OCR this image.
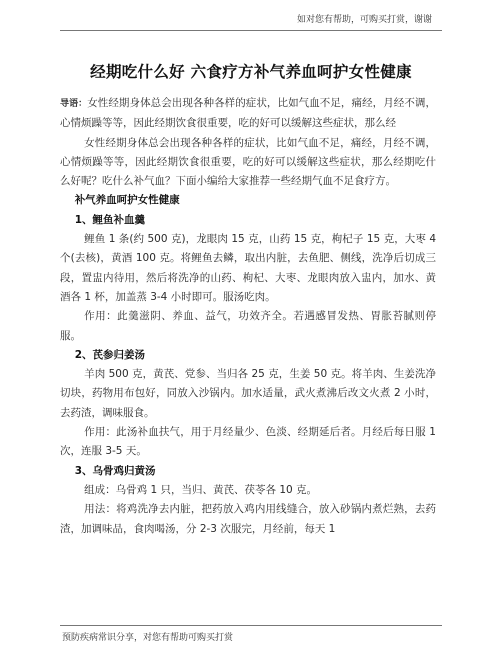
如对您有帮助，可购买打赏，谢谢
经期吃什么好 六食疗方补气养血呵护女性健康

导语：女性经期身体总会出现各种各样的症状，比如气血不足，痛经，月经不调，心情烦躁等等，因此经期饮食很重要，吃的好可以缓解这些症状，那么经

女性经期身体总会出现各种各样的症状，比如气血不足，痛经，月经不调，心情烦躁等等，因此经期饮食很重要，吃的好可以缓解这些症状，那么经期吃什么好呢？吃什么补气血？下面小编给大家推荐一些经期气血不足食疗方。

补气养血呵护女性健康

1、鲤鱼补血羹

鲤鱼 1 条(约 500 克)，龙眼肉 15 克，山药 15 克，枸杞子 15 克，大枣 4 个(去核)，黄酒 100 克。将鲤鱼去鳞，取出内脏，去鱼肥、侧线，洗净后切成三段，置盅内待用，然后将洗净的山药、枸杞、大枣、龙眼肉放入盅内，加水、黄酒各 1 杯，加盖蒸 3-4 小时即可。服汤吃肉。

作用：此羹滋阴、养血、益气，功效齐全。若遇感冒发热、胃胀苔腻则停服。

2、芪参归姜汤

羊肉 500 克，黄芪、党参、当归各 25 克，生姜 50 克。将羊肉、生姜洗净切块，药物用布包好，同放入沙锅内。加水适量，武火煮沸后改文火煮 2 小时，去药渣，调味服食。

作用：此汤补血扶气，用于月经量少、色淡、经期延后者。月经后每日服 1 次，连服 3-5 天。

3、乌骨鸡归黄汤

组成：乌骨鸡 1 只，当归、黄芪、茯苓各 10 克。

用法：将鸡洗净去内脏，把药放入鸡内用线缝合，放入砂锅内煮烂熟，去药渣，加调味品，食肉喝汤，分 2-3 次服完，月经前，每天 1

预防疾病常识分享，对您有帮助可购买打赏
